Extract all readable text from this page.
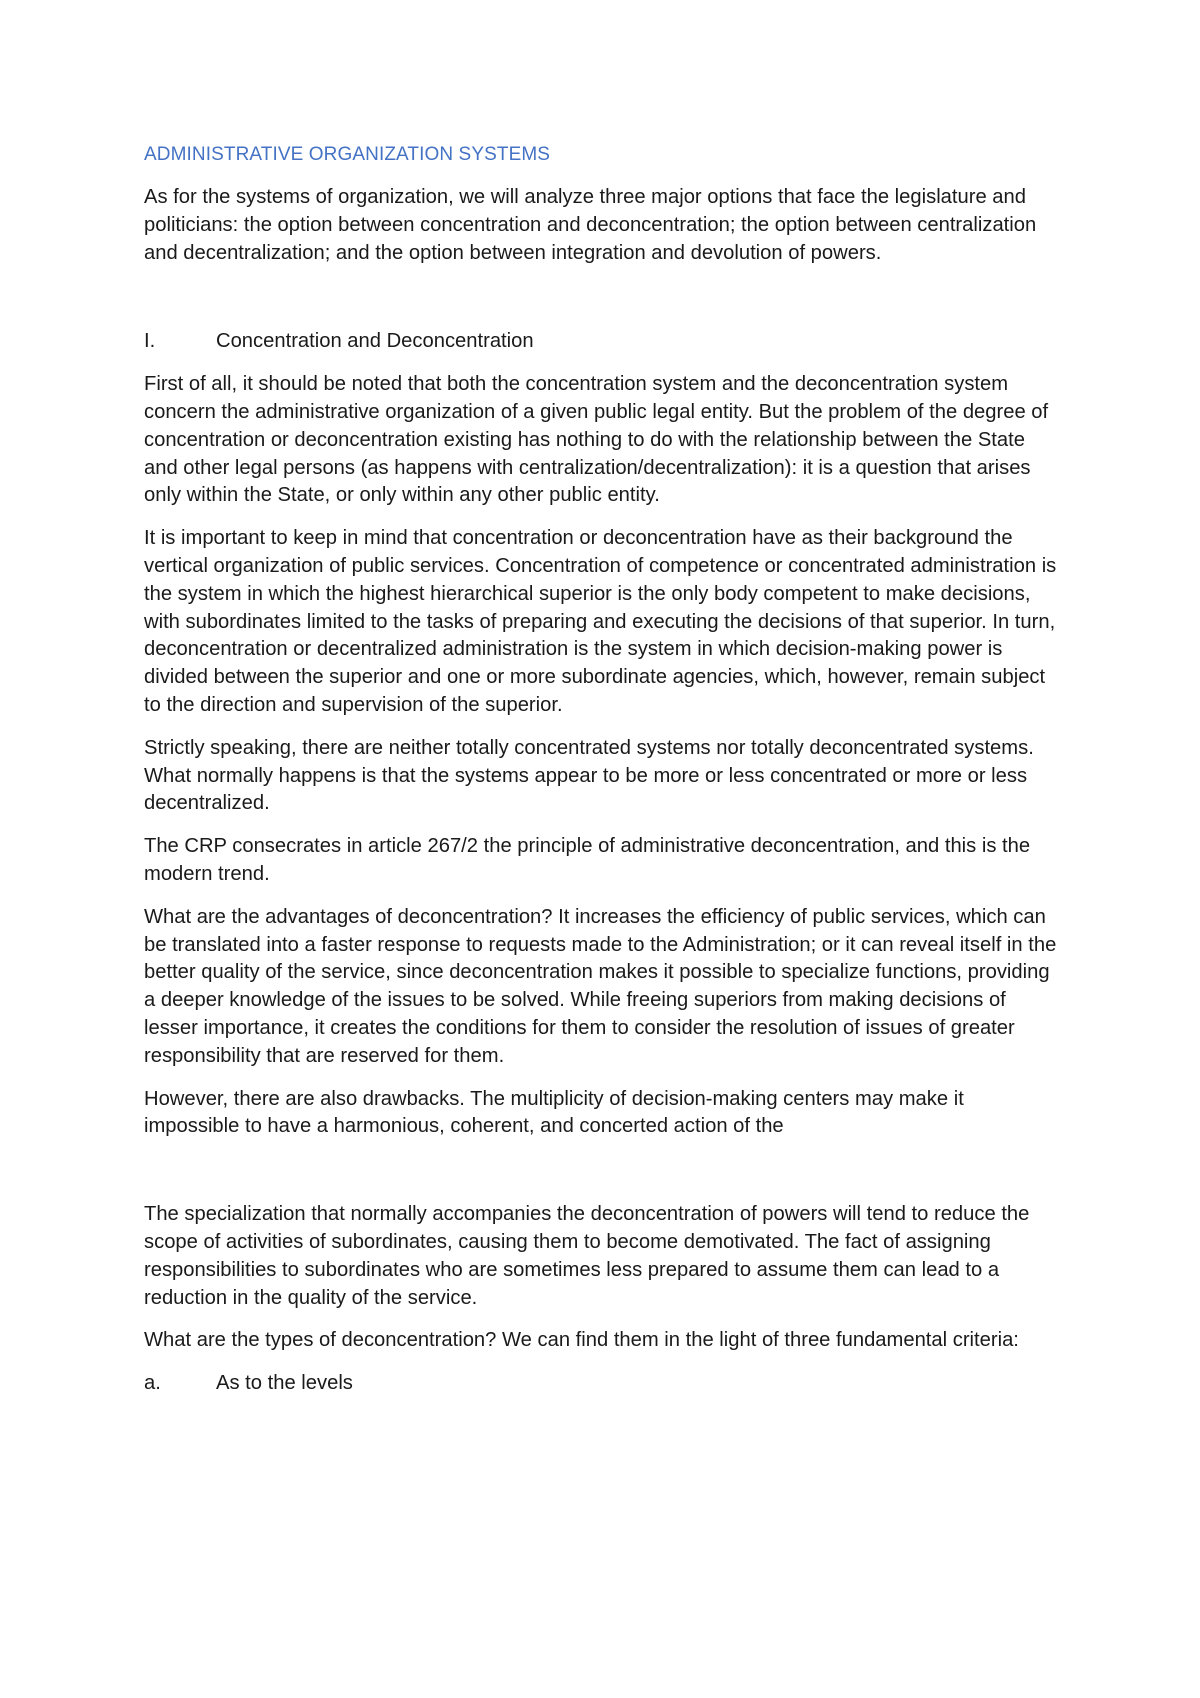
ADMINISTRATIVE ORGANIZATION SYSTEMS

As for the systems of organization, we will analyze three major options that face the legislature and politicians: the option between concentration and deconcentration; the option between centralization and decentralization; and the option between integration and devolution of powers.

I.	Concentration and Deconcentration

First of all, it should be noted that both the concentration system and the deconcentration system concern the administrative organization of a given public legal entity. But the problem of the degree of concentration or deconcentration existing has nothing to do with the relationship between the State and other legal persons (as happens with centralization/decentralization): it is a question that arises only within the State, or only within any other public entity.

It is important to keep in mind that concentration or deconcentration have as their background the vertical organization of public services. Concentration of competence or concentrated administration is the system in which the highest hierarchical superior is the only body competent to make decisions, with subordinates limited to the tasks of preparing and executing the decisions of that superior. In turn, deconcentration or decentralized administration is the system in which decision-making power is divided between the superior and one or more subordinate agencies, which, however, remain subject to the direction and supervision of the superior.

Strictly speaking, there are neither totally concentrated systems nor totally deconcentrated systems. What normally happens is that the systems appear to be more or less concentrated or more or less decentralized.

The CRP consecrates in article 267/2 the principle of administrative deconcentration, and this is the modern trend.

What are the advantages of deconcentration? It increases the efficiency of public services, which can be translated into a faster response to requests made to the Administration; or it can reveal itself in the better quality of the service, since deconcentration makes it possible to specialize functions, providing a deeper knowledge of the issues to be solved. While freeing superiors from making decisions of lesser importance, it creates the conditions for them to consider the resolution of issues of greater responsibility that are reserved for them.

However, there are also drawbacks. The multiplicity of decision-making centers may make it impossible to have a harmonious, coherent, and concerted action of the

The specialization that normally accompanies the deconcentration of powers will tend to reduce the scope of activities of subordinates, causing them to become demotivated. The fact of assigning responsibilities to subordinates who are sometimes less prepared to assume them can lead to a reduction in the quality of the service.

What are the types of deconcentration? We can find them in the light of three fundamental criteria:

a.	As to the levels
